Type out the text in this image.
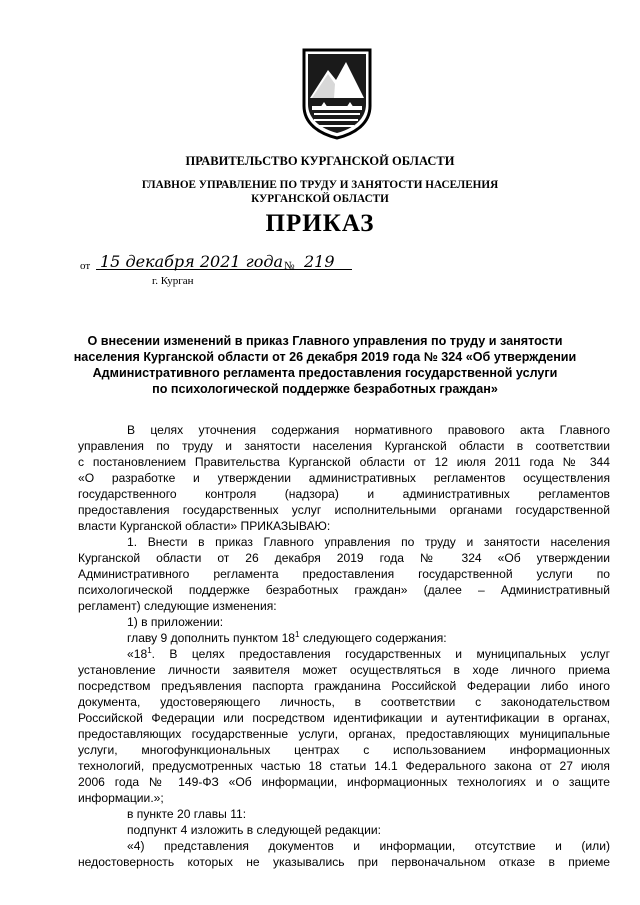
ПРАВИТЕЛЬСТВО КУРГАНСКОЙ ОБЛАСТИ
ГЛАВНОЕ УПРАВЛЕНИЕ ПО ТРУДУ И ЗАНЯТОСТИ НАСЕЛЕНИЯ
КУРГАНСКОЙ ОБЛАСТИ
ПРИКАЗ
от 15 декабря 2021 года № 219
г. Курган
О внесении изменений в приказ Главного управления по труду и занятости
населения Курганской области от 26 декабря 2019 года № 324 «Об утверждении
Административного регламента предоставления государственной услуги
по психологической поддержке безработных граждан»
В целях уточнения содержания нормативного правового акта Главного
управления по труду и занятости населения Курганской области в соответствии
с постановлением Правительства Курганской области от 12 июля 2011 года № 344
«О разработке и утверждении административных регламентов осуществления
государственного контроля (надзора) и административных регламентов
предоставления государственных услуг исполнительными органами государственной
власти Курганской области» ПРИКАЗЫВАЮ:
1. Внести в приказ Главного управления по труду и занятости населения
Курганской области от 26 декабря 2019 года № 324 «Об утверждении
Административного регламента предоставления государственной услуги по
психологической поддержке безработных граждан» (далее – Административный
регламент) следующие изменения:
1) в приложении:
главу 9 дополнить пунктом $18^1$ следующего содержания:
«$18^1$. В целях предоставления государственных и муниципальных услуг
установление личности заявителя может осуществляться в ходе личного приема
посредством предъявления паспорта гражданина Российской Федерации либо иного
документа, удостоверяющего личность, в соответствии с законодательством
Российской Федерации или посредством идентификации и аутентификации в органах,
предоставляющих государственные услуги, органах, предоставляющих муниципальные
услуги, многофункциональных центрах с использованием информационных
технологий, предусмотренных частью 18 статьи 14.1 Федерального закона от 27 июля
2006 года № 149-ФЗ «Об информации, информационных технологиях и о защите
информации.»;
в пункте 20 главы 11:
подпункт 4 изложить в следующей редакции:
«4) представления документов и информации, отсутствие и (или)
недостоверность которых не указывались при первоначальном отказе в приеме
